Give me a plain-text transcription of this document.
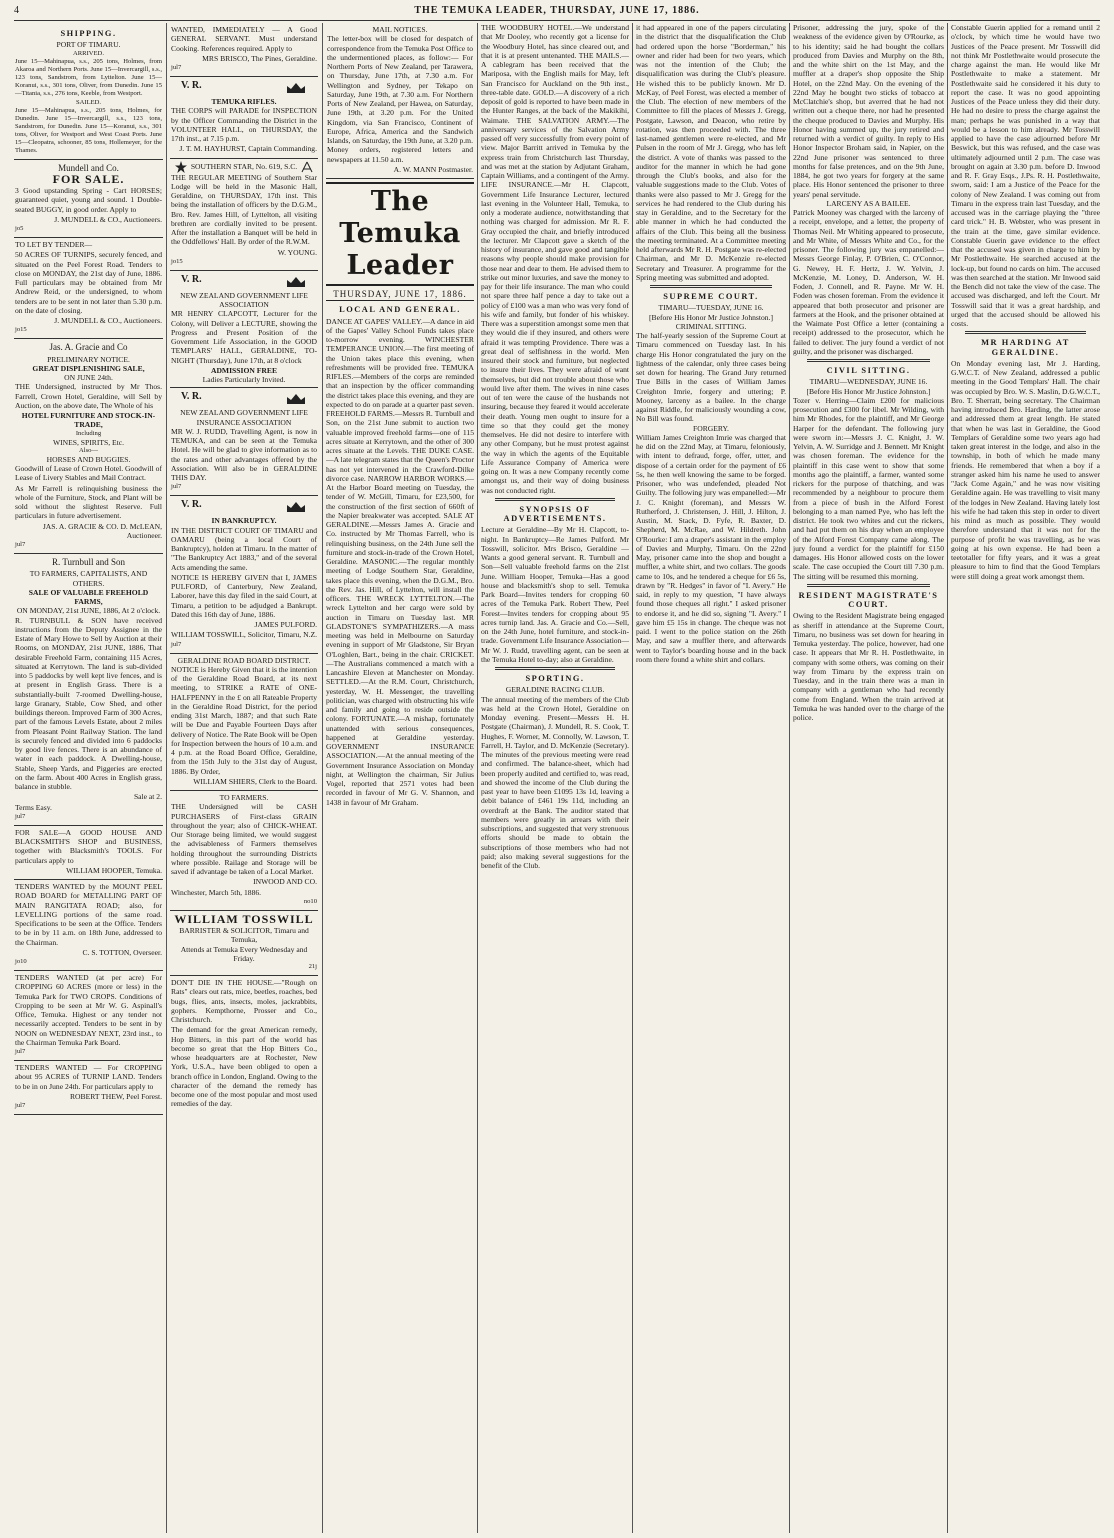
4	THE TEMUKA LEADER, THURSDAY, JUNE 17, 1886.
SHIPPING.
PORT OF TIMARU.
ARRIVED.

June 15—Mahinapua, s.s., 205 tons, Holmes, from Akaroa and Northern Ports. June 15—Invercargill, s.s., 123 tons, Sandstrom, from Lyttelton. June 15—Koranui, s.s., 301 tons, Oliver, from Dunedin. June 15—Titania, s.s., 276 tons, Keeble, from Westport.

SAILED.

June 15—Mahinapua, s.s., 205 tons, Holmes, for Dunedin. June 15—Invercargill, s.s., 123 tons, Sandstrom, for Dunedin. June 15—Koranui, s.s., 301 tons, Oliver, for Westport and West Coast Ports. June 15—Cleopatra, schooner, 85 tons, Hollemeyer, for the Thames.

Mundell and Co.
FOR SALE.

3 Good upstanding Spring - Cart HORSES; guaranteed quiet, young and sound. 1 Double-seated BUGGY, in good order. Apply to

J. MUNDELL & CO., Auctioneers.

jo5

TO LET BY TENDER—

50 ACRES OF TURNIPS, securely fenced, and situated on the Peel Forest Road. Tenders to close on MONDAY, the 21st day of June, 1886. Full particulars may be obtained from Mr Andrew Reid, or the undersigned, to whom tenders are to be sent in not later than 5.30 p.m. on the date of closing.

J. MUNDELL & CO., Auctioneers.

jo15

Jas. A. Gracie and Co
PRELIMINARY NOTICE.
GREAT DISPLENISHING SALE,
ON JUNE 24th.

THE Undersigned, instructed by Mr Thos. Farrell, Crown Hotel, Geraldine, will Sell by Auction, on the above date, The Whole of his

HOTEL FURNITURE AND STOCK-IN-TRADE,
Including
WINES, SPIRITS, Etc.
Also—
HORSES AND BUGGIES.

Goodwill of Lease of Crown Hotel. Goodwill of Lease of Livery Stables and Mail Contract.

As Mr Farrell is relinquishing business the whole of the Furniture, Stock, and Plant will be sold without the slightest Reserve. Full particulars in future advertisement.

JAS. A. GRACIE & CO. D. McLEAN, Auctioneer.

jul7

R. Turnbull and Son
TO FARMERS, CAPITALISTS, AND OTHERS.
SALE OF VALUABLE FREEHOLD FARMS,
ON MONDAY, 21st JUNE, 1886, At 2 o'clock.

R. TURNBULL & SON have received instructions from the Deputy Assignee in the Estate of Mary Howe to Sell by Auction at their Rooms, on MONDAY, 21st JUNE, 1886, That desirable Freehold Farm, containing 115 Acres, situated at Kerrytown. The land is sub-divided into 5 paddocks by well kept live fences, and is at present in English Grass. There is a substantially-built 7-roomed Dwelling-house, large Granary, Stable, Cow Shed, and other buildings thereon. Improved Farm of 300 Acres, part of the famous Levels Estate, about 2 miles from Pleasant Point Railway Station. The land is securely fenced and divided into 6 paddocks by good live fences. There is an abundance of water in each paddock. A Dwelling-house, Stable, Sheep Yards, and Piggeries are erected on the farm. About 400 Acres in English grass, balance in stubble.

Sale at 2.

Terms Easy.

jul7

FOR SALE—A GOOD HOUSE AND BLACKSMITH'S SHOP and BUSINESS, together with Blacksmith's TOOLS. For particulars apply to

WILLIAM HOOPER, Temuka.

TENDERS WANTED by the MOUNT PEEL ROAD BOARD for METALLING PART OF MAIN RANGITATA ROAD; also, for LEVELLING portions of the same road. Specifications to be seen at the Office. Tenders to be in by 11 a.m. on 18th June, addressed to the Chairman.

C. S. TOTTON, Overseer.

jo10

TENDERS WANTED (at per acre) For CROPPING 60 ACRES (more or less) in the Temuka Park for TWO CROPS. Conditions of Cropping to be seen at Mr W. G. Aspinall's Office, Temuka. Highest or any tender not necessarily accepted. Tenders to be sent in by NOON on WEDNESDAY NEXT, 23rd inst., to the Chairman Temuka Park Board.

jul7

TENDERS WANTED — For CROPPING about 95 ACRES of TURNIP LAND. Tenders to be in on June 24th. For particulars apply to

ROBERT THEW, Peel Forest.

jul7

WANTED, IMMEDIATELY — A Good GENERAL SERVANT. Must understand Cooking. References required. Apply to

MRS BRISCO, The Pines, Geraldine.

jul7

V. R.
TEMUKA RIFLES.

THE CORPS will PARADE for INSPECTION by the Officer Commanding the District in the VOLUNTEER HALL, on THURSDAY, the 17th inst., at 7.15 p.m.

J. T. M. HAYHURST, Captain Commanding.

SOUTHERN STAR, No. 619, S.C.

THE REGULAR MEETING of Southern Star Lodge will be held in the Masonic Hall, Geraldine, on THURSDAY, 17th inst. This being the installation of officers by the D.G.M., Bro. Rev. James Hill, of Lyttelton, all visiting brethren are cordially invited to be present. After the installation a Banquet will be held in the Oddfellows' Hall. By order of the R.W.M.

W. YOUNG.

jo15

V. R.
NEW ZEALAND GOVERNMENT LIFE ASSOCIATION

MR HENRY CLAPCOTT, Lecturer for the Colony, will Deliver a LECTURE, showing the Progress and Present Position of the Government Life Association, in the GOOD TEMPLARS' HALL, GERALDINE, TO-NIGHT (Thursday), June 17th, at 8 o'clock

ADMISSION FREE
Ladies Particularly Invited.
V. R.
NEW ZEALAND GOVERNMENT LIFE INSURANCE ASSOCIATION

MR W. J. RUDD, Travelling Agent, is now in TEMUKA, and can be seen at the Temuka Hotel. He will be glad to give information as to the rates and other advantages offered by the Association. Will also be in GERALDINE THIS DAY.

jul7

V. R.
IN BANKRUPTCY.

IN THE DISTRICT COURT OF TIMARU and OAMARU (being a local Court of Bankruptcy), holden at Timaru. In the matter of "The Bankruptcy Act 1883," and of the several Acts amending the same.

NOTICE IS HEREBY GIVEN that I, JAMES PULFORD, of Canterbury, New Zealand, Laborer, have this day filed in the said Court, at Timaru, a petition to be adjudged a Bankrupt. Dated this 16th day of June, 1886.

JAMES PULFORD.

WILLIAM TOSSWILL, Solicitor, Timaru, N.Z.

jul7

GERALDINE ROAD BOARD DISTRICT.

NOTICE is Hereby Given that it is the intention of the Geraldine Road Board, at its next meeting, to STRIKE a RATE of ONE-HALFPENNY in the £ on all Rateable Property in the Geraldine Road District, for the period ending 31st March, 1887; and that such Rate will be Due and Payable Fourteen Days after delivery of Notice. The Rate Book will be Open for Inspection between the hours of 10 a.m. and 4 p.m. at the Road Board Office, Geraldine, from the 15th July to the 31st day of August, 1886. By Order,

WILLIAM SHIERS, Clerk to the Board.

TO FARMERS.

THE Undersigned will be CASH PURCHASERS of First-class GRAIN throughout the year; also of CHICK-WHEAT. Our Storage being limited, we would suggest the advisableness of Farmers themselves holding throughout the surrounding Districts where possible. Railage and Storage will be saved if advantage be taken of a Local Market.

INWOOD AND CO.

Winchester, March 5th, 1886.

no10

WILLIAM TOSSWILL
BARRISTER & SOLICITOR, Timaru and Temuka,
Attends at Temuka Every Wednesday and Friday.

21j

DON'T DIE IN THE HOUSE.—"Rough on Rats" clears out rats, mice, beetles, roaches, bed bugs, flies, ants, insects, moles, jackrabbits, gophers. Kempthorne, Prosser and Co., Christchurch.

The demand for the great American remedy, Hop Bitters, in this part of the world has become so great that the Hop Bitters Co., whose headquarters are at Rochester, New York, U.S.A., have been obliged to open a branch office in London, England. Owing to the character of the demand the remedy has become one of the most popular and most used remedies of the day.

MAIL NOTICES.

The letter-box will be closed for despatch of correspondence from the Temuka Post Office to the undermentioned places, as follow:— For Northern Ports of New Zealand, per Tarawera, on Thursday, June 17th, at 7.30 a.m. For Wellington and Sydney, per Tekapo on Saturday, June 19th, at 7.30 a.m. For Northern Ports of New Zealand, per Hawea, on Saturday, June 19th, at 3.20 p.m. For the United Kingdom, via San Francisco, Continent of Europe, Africa, America and the Sandwich Islands, on Saturday, the 19th June, at 3.20 p.m. Money orders, registered letters and newspapers at 11.50 a.m.

A. W. MANN Postmaster.

The Temuka Leader
THURSDAY, JUNE 17, 1886.
LOCAL AND GENERAL.

DANCE AT GAPES' VALLEY.—A dance in aid of the Gapes' Valley School Funds takes place to-morrow evening. WINCHESTER TEMPERANCE UNION.—The first meeting of the Union takes place this evening, when refreshments will be provided free. TEMUKA RIFLES.—Members of the corps are reminded that an inspection by the officer commanding the district takes place this evening, and they are expected to do on parade at a quarter past seven. FREEHOLD FARMS.—Messrs R. Turnbull and Son, on the 21st June submit to auction two valuable improved freehold farms—one of 115 acres situate at Kerrytown, and the other of 300 acres situate at the Levels. THE DUKE CASE.—A late telegram states that the Queen's Proctor has not yet intervened in the Crawford-Dilke divorce case. NARROW HARBOR WORKS.—At the Harbor Board meeting on Tuesday, the tender of W. McGill, Timaru, for £23,500, for the construction of the first section of 660ft of the Napier breakwater was accepted. SALE AT GERALDINE.—Messrs James A. Gracie and Co. instructed by Mr Thomas Farrell, who is relinquishing business, on the 24th June sell the furniture and stock-in-trade of the Crown Hotel, Geraldine. MASONIC.—The regular monthly meeting of Lodge Southern Star, Geraldine, takes place this evening, when the D.G.M., Bro. the Rev. Jas. Hill, of Lyttelton, will install the officers. THE WRECK LYTTELTON.—The wreck Lyttelton and her cargo were sold by auction in Timaru on Tuesday last. MR GLADSTONE'S SYMPATHIZERS.—A mass meeting was held in Melbourne on Saturday evening in support of Mr Gladstone, Sir Bryan O'Loghlen, Bart., being in the chair. CRICKET.—The Australians commenced a match with a Lancashire Eleven at Manchester on Monday. SETTLED.—At the R.M. Court, Christchurch, yesterday, W. H. Messenger, the travelling politician, was charged with obstructing his wife and family and going to reside outside the colony. FORTUNATE.—A mishap, fortunately unattended with serious consequences, happened at Geraldine yesterday. GOVERNMENT INSURANCE ASSOCIATION.—At the annual meeting of the Government Insurance Association on Monday night, at Wellington the chairman, Sir Julius Vogel, reported that 2571 votes had been recorded in favour of Mr G. V. Shannon, and 1438 in favour of Mr Graham.

THE WOODBURY HOTEL.—We understand that Mr Dooley, who recently got a license for the Woodbury Hotel, has since cleared out, and that it is at present untenanted. THE MAILS.—A cablegram has been received that the Mariposa, with the English mails for May, left San Francisco for Auckland on the 9th inst., three-table date. GOLD.—A discovery of a rich deposit of gold is reported to have been made in the Hunter Ranges, at the back of the Makikihi, Waimate. THE SALVATION ARMY.—The anniversary services of the Salvation Army passed off very successfully from every point of view. Major Barritt arrived in Temuka by the express train from Christchurch last Thursday, and was met at the station by Adjutant Graham, Captain Williams, and a contingent of the Army. LIFE INSURANCE.—Mr H. Clapcott, Government Life Insurance Lecturer, lectured last evening in the Volunteer Hall, Temuka, to only a moderate audience, notwithstanding that nothing was charged for admission. Mr R. F. Gray occupied the chair, and briefly introduced the lecturer. Mr Clapcott gave a sketch of the history of insurance, and gave good and tangible reasons why people should make provision for those near and dear to them. He advised them to strike out minor luxuries, and save the money to pay for their life insurance. The man who could not spare three half pence a day to take out a policy of £100 was a man who was very fond of his wife and family, but fonder of his whiskey. There was a superstition amongst some men that they would die if they insured, and others were afraid it was tempting Providence. There was a great deal of selfishness in the world. Men insured their stock and furniture, but neglected to insure their lives. They were afraid of want themselves, but did not trouble about those who would live after them. The wives in nine cases out of ten were the cause of the husbands not insuring, because they feared it would accelerate their death. Young men ought to insure for a time so that they could get the money themselves. He did not desire to interfere with any other Company, but he must protest against the way in which the agents of the Equitable Life Assurance Company of America were going on. It was a new Company recently come amongst us, and their way of doing business was not conducted right.

SYNOPSIS OF ADVERTISEMENTS.

Lecture at Geraldine—By Mr H. Clapcott, to-night. In Bankruptcy—Re James Pulford. Mr Tosswill, solicitor. Mrs Brisco, Geraldine — Wants a good general servant. R. Turnbull and Son—Sell valuable freehold farms on the 21st June. William Hooper, Temuka—Has a good house and blacksmith's shop to sell. Temuka Park Board—Invites tenders for cropping 60 acres of the Temuka Park. Robert Thew, Peel Forest—Invites tenders for cropping about 95 acres turnip land. Jas. A. Gracie and Co.—Sell, on the 24th June, hotel furniture, and stock-in-trade. Government Life Insurance Association—Mr W. J. Rudd, travelling agent, can be seen at the Temuka Hotel to-day; also at Geraldine.

SPORTING.
GERALDINE RACING CLUB.

The annual meeting of the members of the Club was held at the Crown Hotel, Geraldine on Monday evening. Present—Messrs H. H. Postgate (Chairman), J. Mundell, R. S. Cook, T. Hughes, F. Worner, M. Connolly, W. Lawson, T. Farrell, H. Taylor, and D. McKenzie (Secretary). The minutes of the previous meeting were read and confirmed. The balance-sheet, which had been properly audited and certified to, was read, and showed the income of the Club during the past year to have been £1095 13s 1d, leaving a debit balance of £461 19s 11d, including an overdraft at the Bank. The auditor stated that members were greatly in arrears with their subscriptions, and suggested that very strenuous efforts should be made to obtain the subscriptions of those members who had not paid; also making several suggestions for the benefit of the Club.

it had appeared in one of the papers circulating in the district that the disqualification the Club had ordered upon the horse "Borderman," his owner and rider had been for two years, which was not the intention of the Club; the disqualification was during the Club's pleasure. He wished this to be publicly known. Mr D. McKay, of Peel Forest, was elected a member of the Club. The election of new members of the Committee to fill the places of Messrs J. Gregg, Postgate, Lawson, and Deacon, who retire by rotation, was then proceeded with. The three last-named gentlemen were re-elected, and Mr Pulsen in the room of Mr J. Gregg, who has left the district. A vote of thanks was passed to the auditor for the manner in which he had gone through the Club's books, and also for the valuable suggestions made to the Club. Votes of thanks were also passed to Mr J. Gregg for the services he had rendered to the Club during his stay in Geraldine, and to the Secretary for the able manner in which he had conducted the affairs of the Club. This being all the business the meeting terminated. At a Committee meeting held afterwards Mr R. H. Postgate was re-elected Chairman, and Mr D. McKenzie re-elected Secretary and Treasurer. A programme for the Spring meeting was submitted and adopted.

SUPREME COURT.
TIMARU—TUESDAY, JUNE 16.
[Before His Honor Mr Justice Johnston.]
CRIMINAL SITTING.

The half-yearly session of the Supreme Court at Timaru commenced on Tuesday last. In his charge His Honor congratulated the jury on the lightness of the calendar, only three cases being set down for hearing. The Grand Jury returned True Bills in the cases of William James Creighton Imrie, forgery and uttering; P. Mooney, larceny as a bailee. In the charge against Riddle, for maliciously wounding a cow, No Bill was found.

FORGERY.

William James Creighton Imrie was charged that he did on the 22nd May, at Timaru, feloniously, with intent to defraud, forge, offer, utter, and dispose of a certain order for the payment of £6 5s, he then well knowing the same to be forged. Prisoner, who was undefended, pleaded Not Guilty. The following jury was empanelled:—Mr J. C. Knight (foreman), and Messrs W. Rutherford, J. Christensen, J. Hill, J. Hilton, J. Austin, M. Stack, D. Fyfe, R. Baxter, D. Shepherd, M. McRae, and W. Hildreth. John O'Rourke: I am a draper's assistant in the employ of Davies and Murphy, Timaru. On the 22nd May, prisoner came into the shop and bought a muffler, a white shirt, and two collars. The goods came to 10s, and he tendered a cheque for £6 5s, drawn by "R. Hedges" in favor of "I. Avery." He said, in reply to my question, "I have always found those cheques all right." I asked prisoner to endorse it, and he did so, signing "I. Avery." I gave him £5 15s in change. The cheque was not paid. I went to the police station on the 26th May, and saw a muffler there, and afterwards went to Taylor's boarding house and in the back room there found a white shirt and collars.

Prisoner, addressing the jury, spoke of the weakness of the evidence given by O'Rourke, as to his identity; said he had bought the collars produced from Davies and Murphy on the 8th, and the white shirt on the 1st May, and the muffler at a draper's shop opposite the Ship Hotel, on the 22nd May. On the evening of the 22nd May he bought two sticks of tobacco at McClatchie's shop, but averred that he had not written out a cheque there, nor had he presented the cheque produced to Davies and Murphy. His Honor having summed up, the jury retired and returned with a verdict of guilty. In reply to His Honor Inspector Broham said, in Napier, on the 22nd June prisoner was sentenced to three months for false pretences, and on the 9th June, 1884, he got two years for forgery at the same place. His Honor sentenced the prisoner to three years' penal servitude.

LARCENY AS A BAILEE.

Patrick Mooney was charged with the larceny of a receipt, envelope, and a letter, the property of Thomas Neil. Mr Whiting appeared to prosecute, and Mr White, of Messrs White and Co., for the prisoner. The following jury was empanelled:—Messrs George Finlay, P. O'Brien, C. O'Connor, G. Newey, H. F. Hertz, J. W. Yelvin, J. McKenzie, M. Loney, D. Anderson, W. H. Foden, J. Connell, and R. Payne. Mr W. H. Foden was chosen foreman. From the evidence it appeared that both prosecutor and prisoner are farmers at the Hook, and the prisoner obtained at the Waimate Post Office a letter (containing a receipt) addressed to the prosecutor, which he failed to deliver. The jury found a verdict of not guilty, and the prisoner was discharged.

CIVIL SITTING.
TIMARU—WEDNESDAY, JUNE 16.
[Before His Honor Mr Justice Johnston.]

Tozer v. Herring—Claim £200 for malicious prosecution and £300 for libel. Mr Wilding, with him Mr Rhodes, for the plaintiff, and Mr George Harper for the defendant. The following jury were sworn in:—Messrs J. C. Knight, J. W. Yelvin, A. W. Surridge and J. Bennett. Mr Knight was chosen foreman. The evidence for the plaintiff in this case went to show that some months ago the plaintiff, a farmer, wanted some rickers for the purpose of thatching, and was recommended by a neighbour to procure them from a piece of bush in the Alford Forest belonging to a man named Pye, who has left the district. He took two whites and cut the rickers, and had put them on his dray when an employee of the Alford Forest Company came along. The jury found a verdict for the plaintiff for £150 damages. His Honor allowed costs on the lower scale. The case occupied the Court till 7.30 p.m. The sitting will be resumed this morning.

RESIDENT MAGISTRATE'S COURT.

Owing to the Resident Magistrate being engaged as sheriff in attendance at the Supreme Court, Timaru, no business was set down for hearing in Temuka yesterday. The police, however, had one case. It appears that Mr R. H. Postlethwaite, in company with some others, was coming on their way from Timaru by the express train on Tuesday, and in the train there was a man in company with a gentleman who had recently come from England. When the train arrived at Temuka he was handed over to the charge of the police.

Constable Guerin applied for a remand until 2 o'clock, by which time he would have two Justices of the Peace present. Mr Tosswill did not think Mr Postlethwaite would prosecute the charge against the man. He would like Mr Postlethwaite to make a statement. Mr Postlethwaite said he considered it his duty to report the case. It was no good appointing Justices of the Peace unless they did their duty. He had no desire to press the charge against the man; perhaps he was punished in a way that would be a lesson to him already. Mr Tosswill applied to have the case adjourned before Mr Beswick, but this was refused, and the case was ultimately adjourned until 2 p.m. The case was brought on again at 3.30 p.m. before D. Inwood and R. F. Gray Esqs., J.Ps. R. H. Postlethwaite, sworn, said: I am a Justice of the Peace for the colony of New Zealand. I was coming out from Timaru in the express train last Tuesday, and the accused was in the carriage playing the "three card trick." H. B. Webster, who was present in the train at the time, gave similar evidence. Constable Guerin gave evidence to the effect that the accused was given in charge to him by Mr Postlethwaite. He searched accused at the lock-up, but found no cards on him. The accused was then searched at the station. Mr Inwood said the Bench did not take the view of the case. The accused was discharged, and left the Court. Mr Tosswill said that it was a great hardship, and urged that the accused should be allowed his costs.

MR HARDING AT GERALDINE.

On Monday evening last, Mr J. Harding, G.W.C.T. of New Zealand, addressed a public meeting in the Good Templars' Hall. The chair was occupied by Bro. W. S. Maslin, D.G.W.C.T., Bro. T. Sherratt, being secretary. The Chairman having introduced Bro. Harding, the latter arose and addressed them at great length. He stated that when he was last in Geraldine, the Good Templars of Geraldine some two years ago had taken great interest in the lodge, and also in the township, in both of which he made many friends. He remembered that when a boy if a stranger asked him his name he used to answer "Jack Come Again," and he was now visiting Geraldine again. He was travelling to visit many of the lodges in New Zealand. Having lately lost his wife he had taken this step in order to divert his mind as much as possible. They would therefore understand that it was not for the purpose of profit he was travelling, as he was going at his own expense. He had been a teetotaller for fifty years, and it was a great pleasure to him to find that the Good Templars were still doing a great work amongst them.
